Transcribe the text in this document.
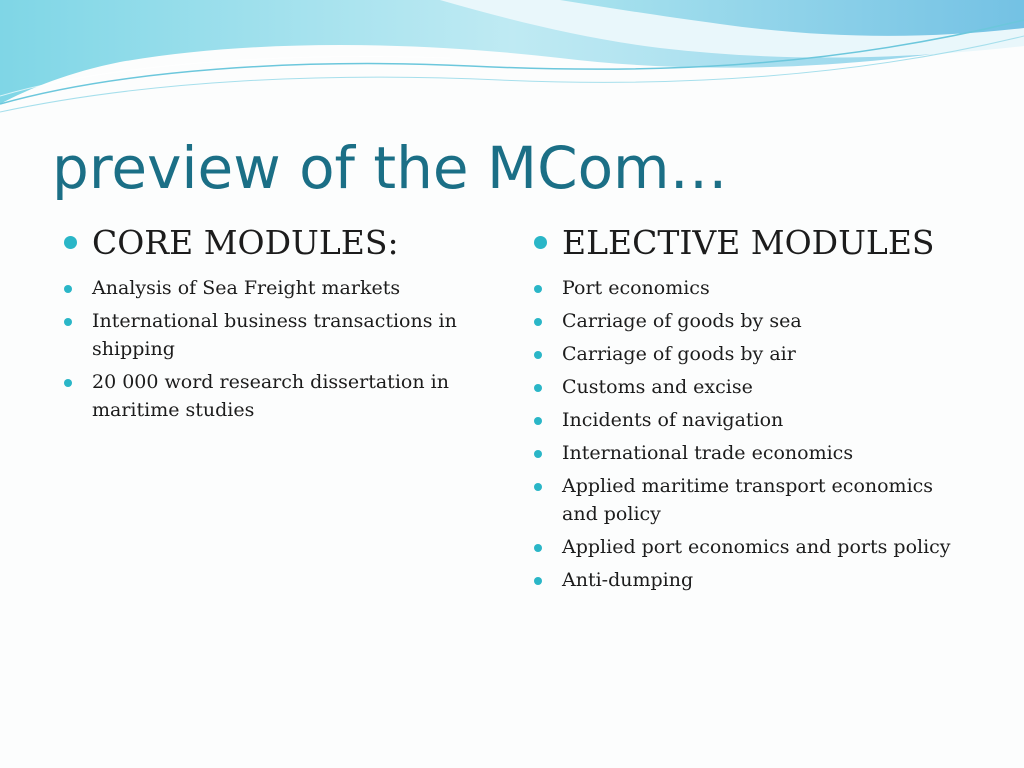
preview of the MCom…
CORE MODULES:
Analysis of Sea Freight markets
International business transactions in shipping
20 000 word research dissertation in maritime studies
ELECTIVE MODULES
Port economics
Carriage of goods by sea
Carriage of goods by air
Customs and excise
Incidents of navigation
International trade economics
Applied maritime transport economics and policy
Applied port economics and ports policy
Anti-dumping
